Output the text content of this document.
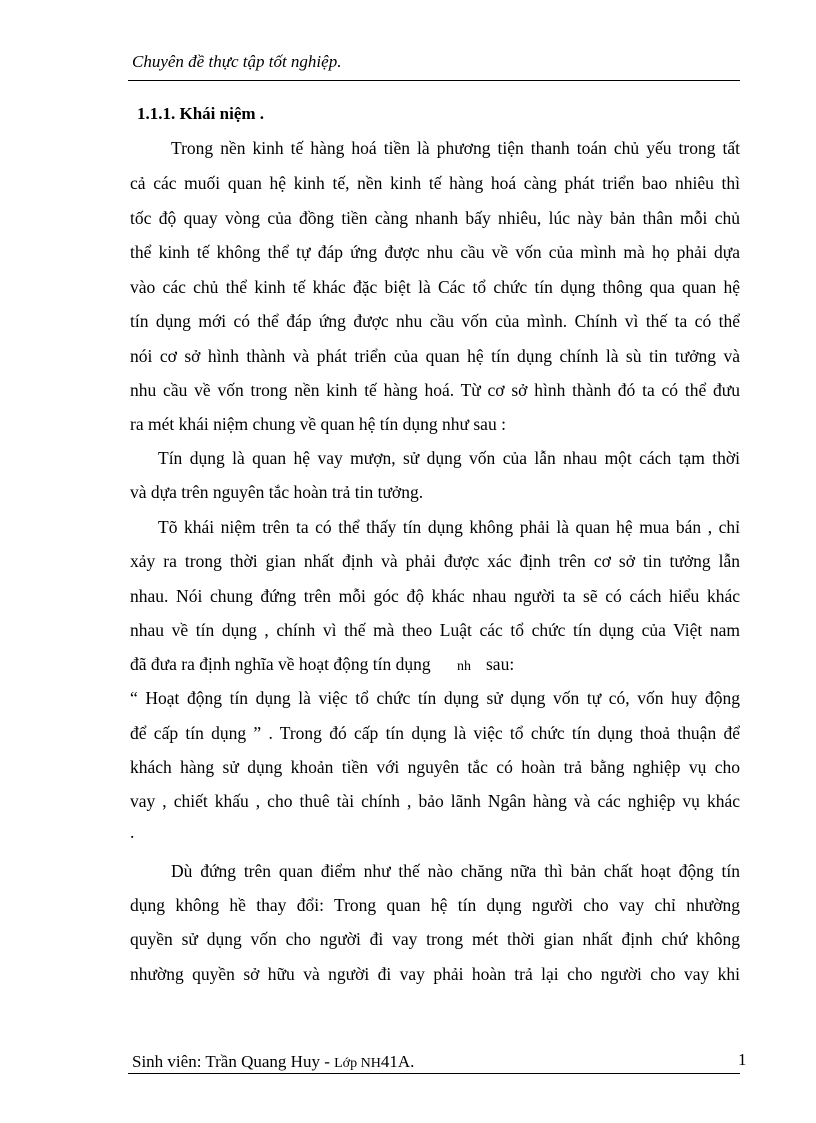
Chuyên đề thực tập tốt nghiệp.
1.1.1. Khái niệm .
Trong nền kinh tế hàng hoá tiền là phương tiện thanh toán chủ yếu trong tất
cả các muối quan hệ kinh tế, nền kinh tế hàng hoá càng phát triển bao nhiêu thì
tốc độ quay vòng của đồng tiền càng nhanh bấy nhiêu, lúc này bản thân mỗi chủ
thể kinh tế không thể tự đáp ứng được nhu cầu về vốn của mình mà họ phải dựa
vào các chủ thể kinh tế khác đặc biệt là Các tổ chức tín dụng thông qua quan hệ
tín dụng mới có thể đáp ứng được nhu cầu vốn của mình. Chính vì thế ta có thể
nói cơ sở hình thành và phát triển của quan hệ tín dụng chính là sù tin tưởng và
nhu cầu về vốn trong nền kinh tế hàng hoá. Từ cơ sở hình thành đó ta có thể đưu
ra mét khái niệm chung về quan hệ tín dụng như sau :
Tín dụng là quan hệ vay mượn, sử dụng vốn của lẫn nhau một cách tạm thời
và dựa trên nguyên tắc hoàn trả tin tưởng.
Tõ khái niệm trên ta có thể thấy tín dụng không phải là quan hệ mua bán , chỉ
xảy ra trong thời gian nhất định và phải được xác định trên cơ sở tin tưởng lẫn
nhau. Nói chung đứng trên mỗi góc độ khác nhau người ta sẽ có cách hiểu khác
nhau về tín dụng , chính vì thế mà theo Luật các tổ chức tín dụng của Việt nam
đã đưa ra định nghĩa về hoạt động tín dụng nh sau:
“ Hoạt động tín dụng là việc tổ chức tín dụng sử dụng vốn tự có, vốn huy động
để cấp tín dụng ” . Trong đó cấp tín dụng là việc tổ chức tín dụng thoả thuận để
khách hàng sử dụng khoản tiền với nguyên tắc có hoàn trả bằng nghiệp vụ cho
vay , chiết khấu , cho thuê tài chính , bảo lãnh Ngân hàng và các nghiệp vụ khác
.
Dù đứng trên quan điểm như thế nào chăng nữa thì bản chất hoạt động tín
dụng không hề thay đổi: Trong quan hệ tín dụng người cho vay chỉ nhường
quyền sử dụng vốn cho người đi vay trong mét thời gian nhất định chứ không
nhường quyền sở hữu và người đi vay phải hoàn trả lại cho người cho vay khi
Sinh viên: Trần Quang Huy - Lớp NH41A.	1
